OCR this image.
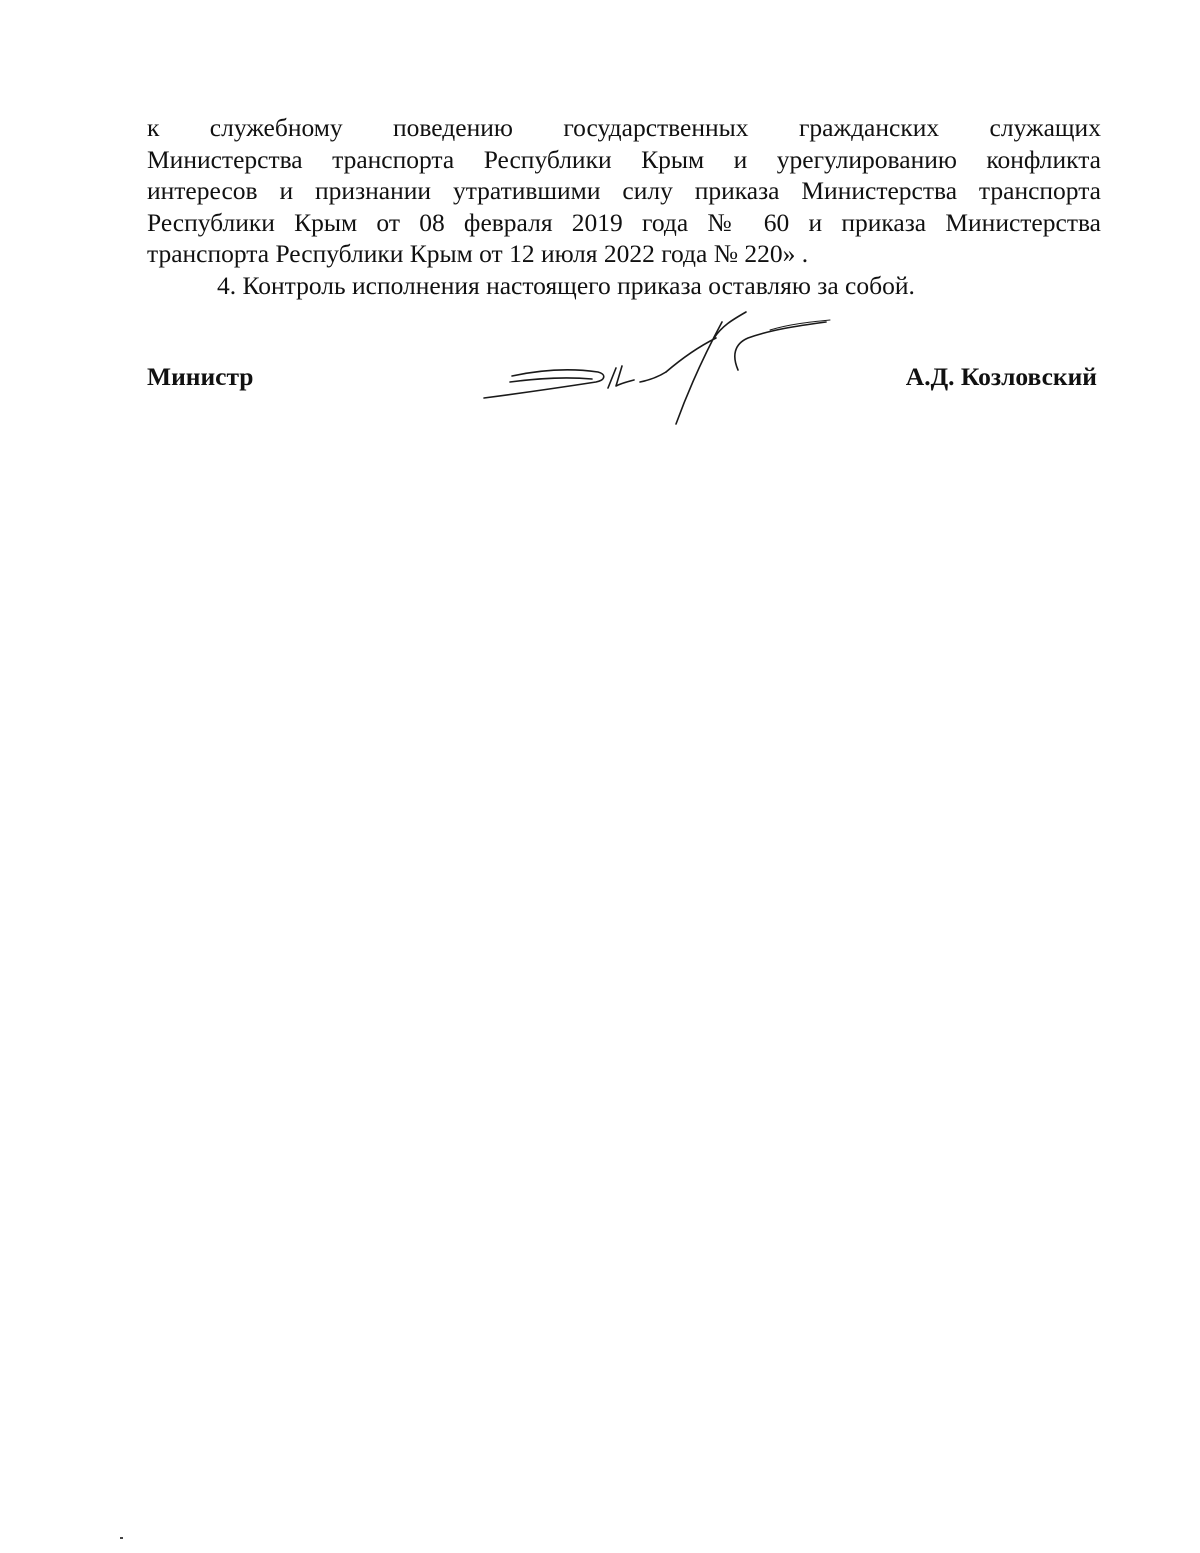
к служебному поведению государственных гражданских служащих
Министерства транспорта Республики Крым и урегулированию конфликта
интересов и признании утратившими силу приказа Министерства транспорта
Республики Крым от 08 февраля 2019 года № 60 и приказа Министерства
транспорта Республики Крым от 12 июля 2022 года № 220» .
4. Контроль исполнения настоящего приказа оставляю за собой.
Министр	А.Д. Козловский
